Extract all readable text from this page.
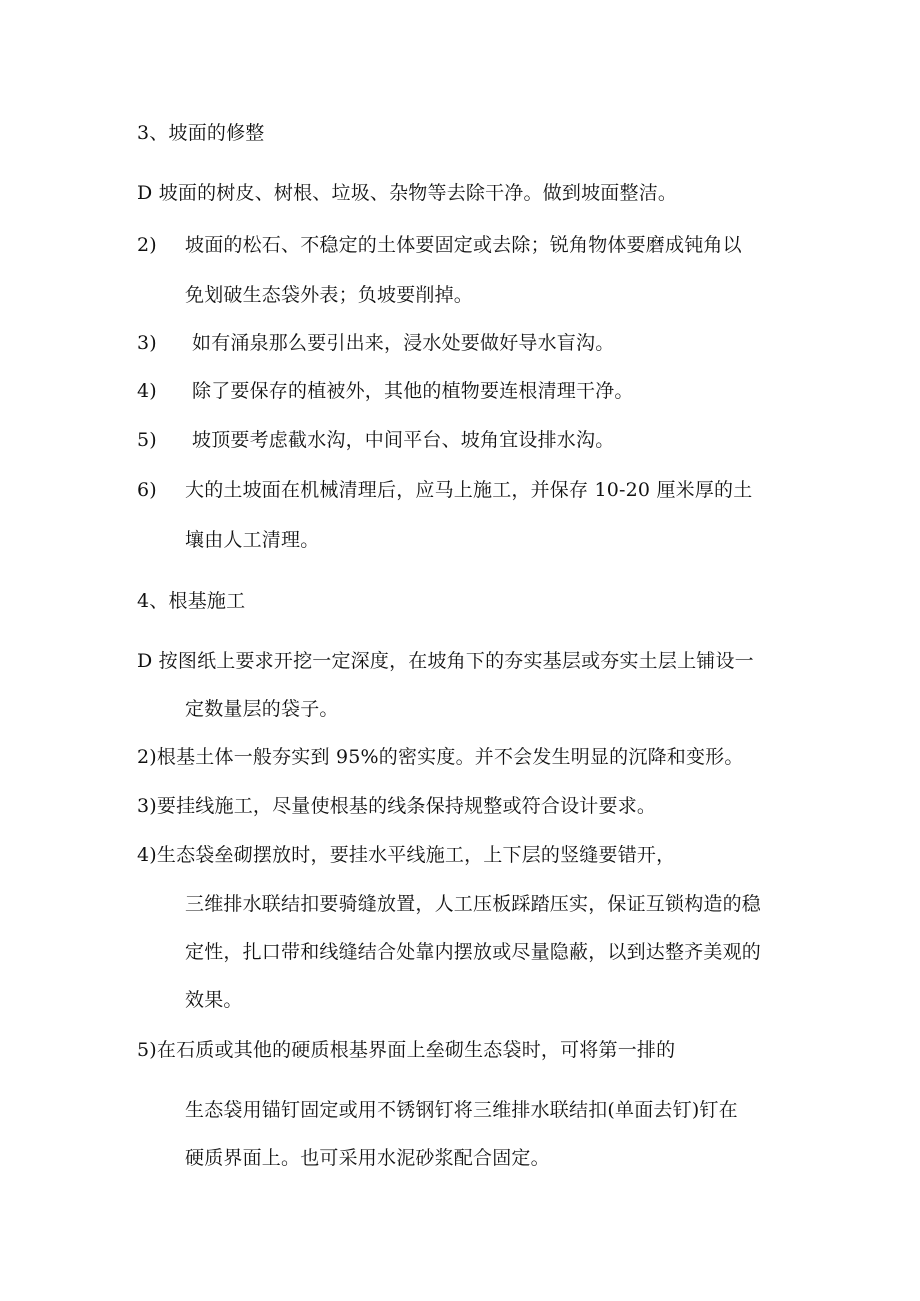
3、坡面的修整
D 坡面的树皮、树根、垃圾、杂物等去除干净。做到坡面整洁。
2) 坡面的松石、不稳定的土体要固定或去除；锐角物体要磨成钝角以
免划破生态袋外表；负坡要削掉。
3) 如有涌泉那么要引出来，浸水处要做好导水盲沟。
4) 除了要保存的植被外，其他的植物要连根清理干净。
5) 坡顶要考虑截水沟，中间平台、坡角宜设排水沟。
6) 大的土坡面在机械清理后，应马上施工，并保存 10-20 厘米厚的土
壤由人工清理。
4、根基施工
D 按图纸上要求开挖一定深度，在坡角下的夯实基层或夯实土层上铺设一
定数量层的袋子。
2)根基土体一般夯实到 95%的密实度。并不会发生明显的沉降和变形。
3)要挂线施工，尽量使根基的线条保持规整或符合设计要求。
4)生态袋垒砌摆放时，要挂水平线施工，上下层的竖缝要错开，
三维排水联结扣要骑缝放置，人工压板踩踏压实，保证互锁构造的稳
定性，扎口带和线缝结合处靠内摆放或尽量隐蔽，以到达整齐美观的
效果。
5)在石质或其他的硬质根基界面上垒砌生态袋时，可将第一排的
生态袋用锚钉固定或用不锈钢钉将三维排水联结扣(单面去钉)钉在
硬质界面上。也可采用水泥砂浆配合固定。
